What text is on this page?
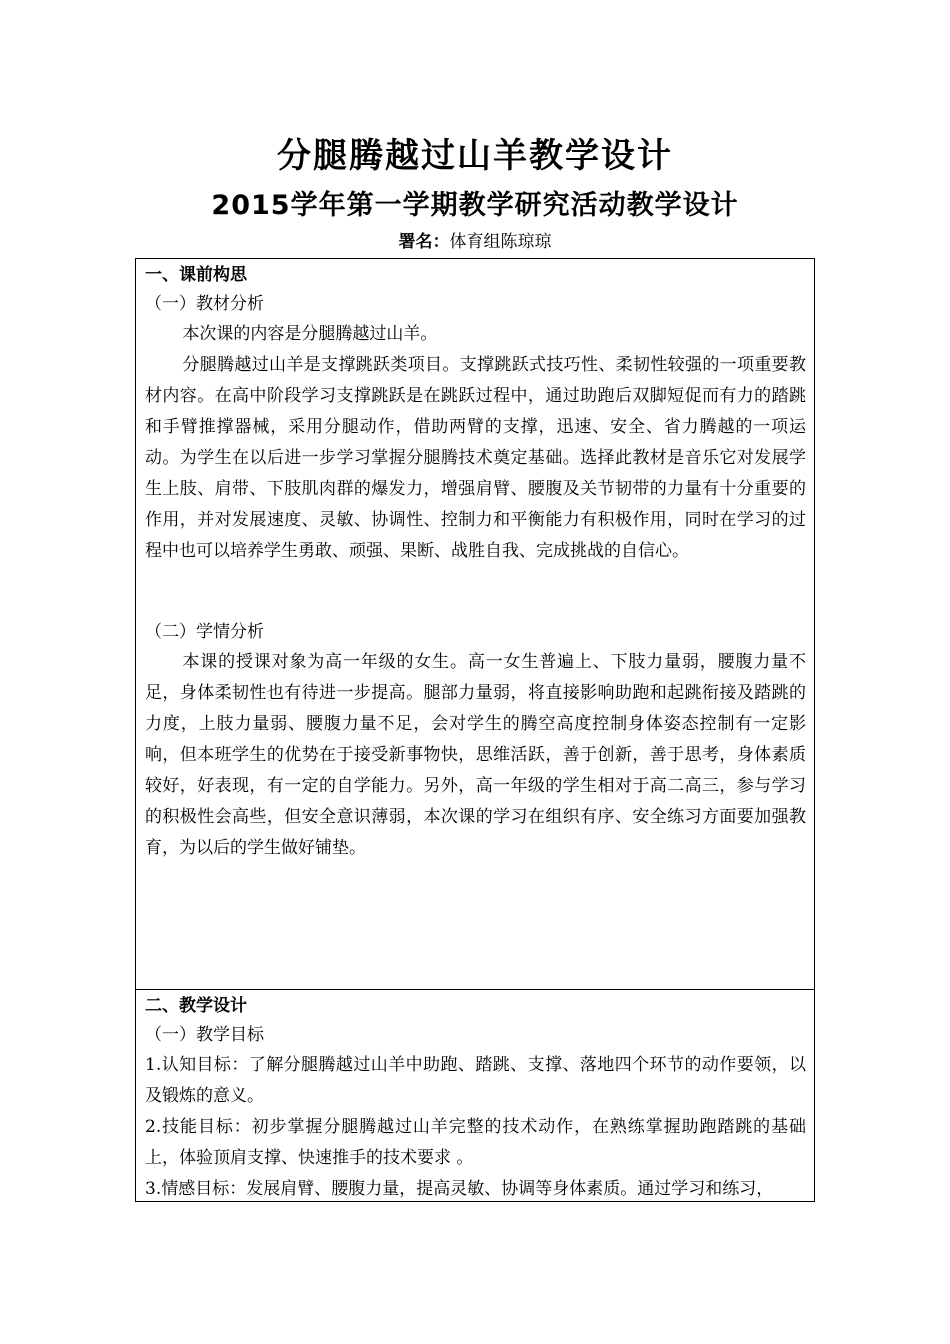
分腿腾越过山羊教学设计
2015学年第一学期教学研究活动教学设计
署名：体育组陈琼琼
一、课前构思
（一）教材分析

本次课的内容是分腿腾越过山羊。

分腿腾越过山羊是支撑跳跃类项目。支撑跳跃式技巧性、柔韧性较强的一项重要教材内容。在高中阶段学习支撑跳跃是在跳跃过程中，通过助跑后双脚短促而有力的踏跳和手臂推撑器械，采用分腿动作，借助两臂的支撑，迅速、安全、省力腾越的一项运动。为学生在以后进一步学习掌握分腿腾技术奠定基础。选择此教材是音乐它对发展学生上肢、肩带、下肢肌肉群的爆发力，增强肩臂、腰腹及关节韧带的力量有十分重要的作用，并对发展速度、灵敏、协调性、控制力和平衡能力有积极作用，同时在学习的过程中也可以培养学生勇敢、顽强、果断、战胜自我、完成挑战的自信心。

（二）学情分析

本课的授课对象为高一年级的女生。高一女生普遍上、下肢力量弱，腰腹力量不足，身体柔韧性也有待进一步提高。腿部力量弱，将直接影响助跑和起跳衔接及踏跳的力度，上肢力量弱、腰腹力量不足，会对学生的腾空高度控制身体姿态控制有一定影响，但本班学生的优势在于接受新事物快，思维活跃，善于创新，善于思考，身体素质较好，好表现，有一定的自学能力。另外，高一年级的学生相对于高二高三，参与学习的积极性会高些，但安全意识薄弱，本次课的学习在组织有序、安全练习方面要加强教育，为以后的学生做好铺垫。

二、教学设计
（一）教学目标

1.认知目标：了解分腿腾越过山羊中助跑、踏跳、支撑、落地四个环节的动作要领，以及锻炼的意义。

2.技能目标：初步掌握分腿腾越过山羊完整的技术动作，在熟练掌握助跑踏跳的基础上，体验顶肩支撑、快速推手的技术要求 。

3.情感目标：发展肩臂、腰腹力量，提高灵敏、协调等身体素质。通过学习和练习，
